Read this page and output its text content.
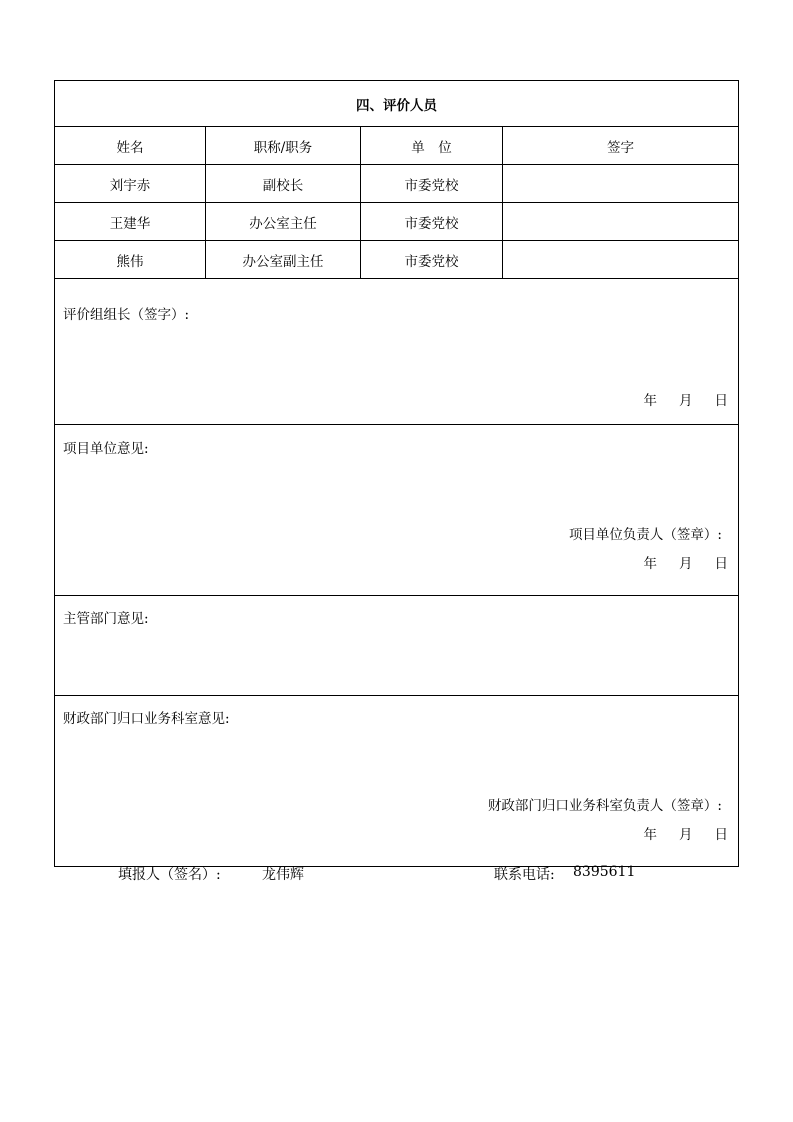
四、评价人员			
姓名	职称/职务	单　位	签字
刘宇赤	副校长	市委党校	
王建华	办公室主任	市委党校	
熊伟	办公室副主任	市委党校	

评价组组长（签字）:
年 月 日			

项目单位意见:
项目单位负责人（签章）:
年 月 日			

主管部门意见:			

财政部门归口业务科室意见:
财政部门归口业务科室负责人（签章）:
年 月 日			
填报人（签名）:	龙伟辉	联系电话: 8395611
